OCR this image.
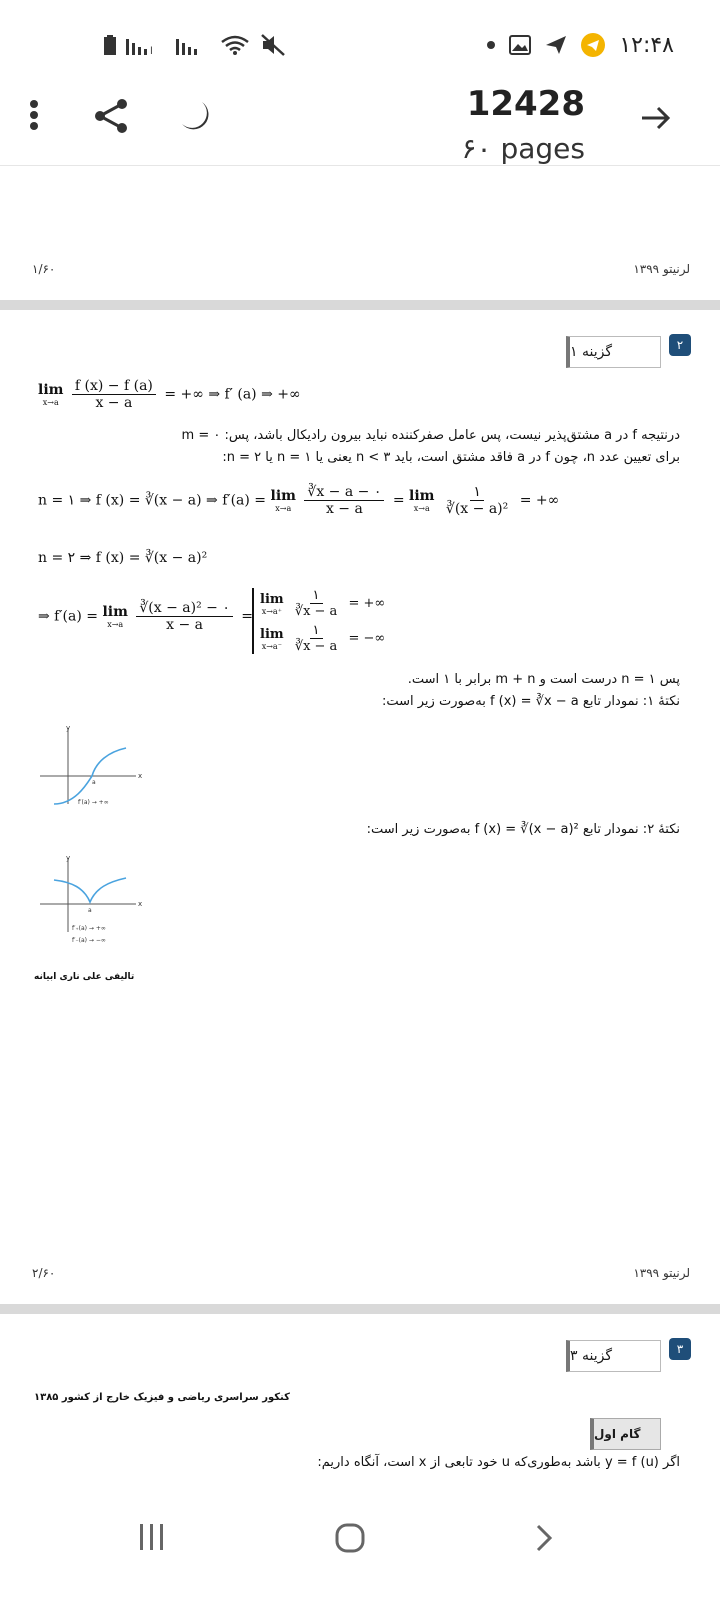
l	۱۲:۴۸
12428
۶۰ pages
۱/۶۰	لرنیتو ۱۳۹۹
۲
گزینه ۱
lim
x→a
$\frac{f (x) - f (a)}{x - a}$ = +∞ ⇒ f′ (a) ⇒ +∞
درنتیجه f در a مشتق‌پذیر نیست، پس عامل صفرکننده نباید بیرون رادیکال باشد، پس: m = ۰
برای تعیین عدد n، چون f در a فاقد مشتق است، باید n < ۳ یعنی یا n = ۱ یا n = ۲:
n = ۱ ⇒ f (x) = ∛(x − a) ⇒ f′(a) = lim
x→a
$\frac{∛x - a - ۰}{x - a} = \lim$
x→a
$\frac{۱}{\text{∛(x − a)²}}$ = +∞
n = ۲ ⇒ f (x) = ∛(x − a)²
⇒ f′(a) = lim
x→a
$\frac{\text{∛(x − a)² − ۰}}{x - a}$ =
lim
x→a⁺
$\frac{۱}{∛x - a}$ = +∞
lim
x→a⁻
$\frac{۱}{∛x - a}$ = −∞
پس n = ۱ درست است و m + n برابر با ۱ است.
نکتهٔ ۱: نمودار تابع f (x) = ∛x − a به‌صورت زیر است:
x
y
a
f′(a) → +∞
نکتهٔ ۲: نمودار تابع f (x) = ∛(x − a)² به‌صورت زیر است:
x
y
a
f′₊(a) → +∞
f′₋(a) → −∞
تالیفی علی ناری ابیانه
۲/۶۰	لرنیتو ۱۳۹۹
۳
گزینه ۳
کنکور سراسری ریاضی و فیزیک خارج از کشور ۱۳۸۵
گام اول
اگر y = f (u) باشد به‌طوری‌که u خود تابعی از x است، آنگاه داریم:
